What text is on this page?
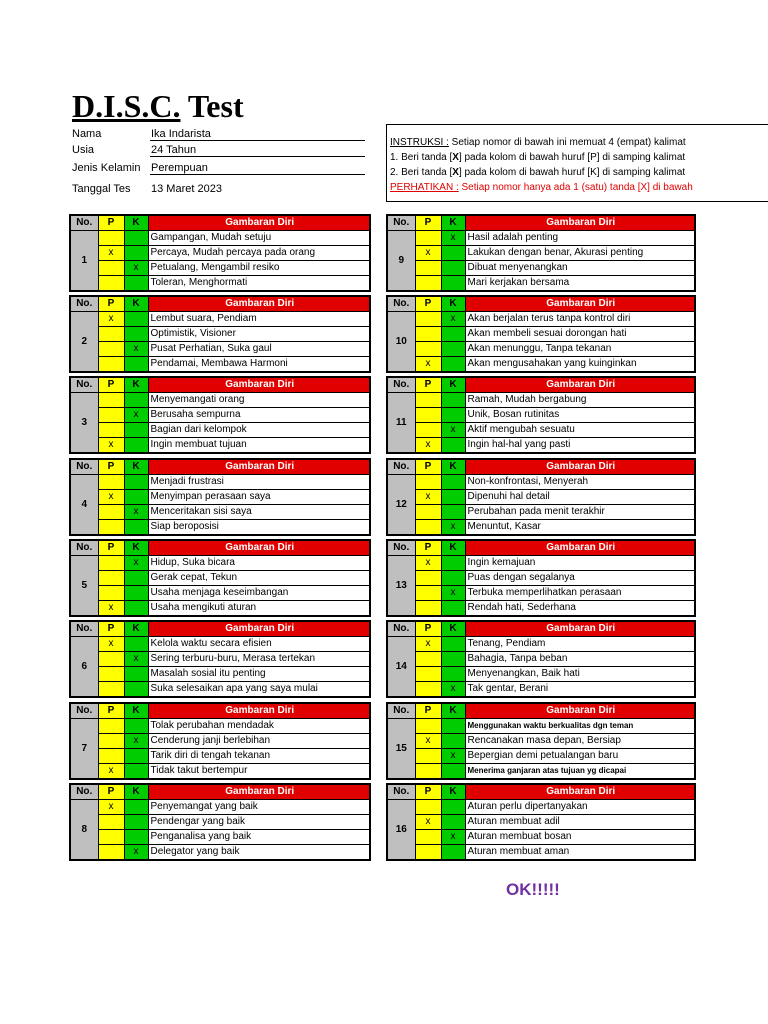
D.I.S.C. Test
Nama	Ika Indarista
Usia	24 Tahun
Jenis Kelamin Perempuan
Tanggal Tes 13 Maret 2023
INSTRUKSI : Setiap nomor di bawah ini memuat 4 (empat) kalimat
1. Beri tanda [X] pada kolom di bawah huruf [P] di samping kalimat
2. Beri tanda [X] pada kolom di bawah huruf [K] di samping kalimat
PERHATIKAN : Setiap nomor hanya ada 1 (satu) tanda [X] di bawah
No.	P	K	Gambaran Diri
1			Gampangan, Mudah setuju
	x		Percaya, Mudah percaya pada orang
		x	Petualang, Mengambil resiko
			Toleran, Menghormati
No.	P	K	Gambaran Diri
2	x		Lembut suara, Pendiam
			Optimistik, Visioner
		x	Pusat Perhatian, Suka gaul
			Pendamai, Membawa Harmoni
No.	P	K	Gambaran Diri
3			Menyemangati orang
		x	Berusaha sempurna
			Bagian dari kelompok
	x		Ingin membuat tujuan
No.	P	K	Gambaran Diri
4			Menjadi frustrasi
	x		Menyimpan perasaan saya
		x	Menceritakan sisi saya
			Siap beroposisi
No.	P	K	Gambaran Diri
5		x	Hidup, Suka bicara
			Gerak cepat, Tekun
			Usaha menjaga keseimbangan
	x		Usaha mengikuti aturan
No.	P	K	Gambaran Diri
6	x		Kelola waktu secara efisien
		x	Sering terburu-buru, Merasa tertekan
			Masalah sosial itu penting
			Suka selesaikan apa yang saya mulai
No.	P	K	Gambaran Diri
7			Tolak perubahan mendadak
		x	Cenderung janji berlebihan
			Tarik diri di tengah tekanan
	x		Tidak takut bertempur
No.	P	K	Gambaran Diri
8	x		Penyemangat yang baik
			Pendengar yang baik
			Penganalisa yang baik
		x	Delegator yang baik
No.	P	K	Gambaran Diri
9		x	Hasil adalah penting
	x		Lakukan dengan benar, Akurasi penting
			Dibuat menyenangkan
			Mari kerjakan bersama
No.	P	K	Gambaran Diri
10		x	Akan berjalan terus tanpa kontrol diri
			Akan membeli sesuai dorongan hati
			Akan menunggu, Tanpa tekanan
	x		Akan mengusahakan yang kuinginkan
No.	P	K	Gambaran Diri
11			Ramah, Mudah bergabung
			Unik, Bosan rutinitas
		x	Aktif mengubah sesuatu
	x		Ingin hal-hal yang pasti
No.	P	K	Gambaran Diri
12			Non-konfrontasi, Menyerah
	x		Dipenuhi hal detail
			Perubahan pada menit terakhir
		x	Menuntut, Kasar
No.	P	K	Gambaran Diri
13	x		Ingin kemajuan
			Puas dengan segalanya
		x	Terbuka memperlihatkan perasaan
			Rendah hati, Sederhana
No.	P	K	Gambaran Diri
14	x		Tenang, Pendiam
			Bahagia, Tanpa beban
			Menyenangkan, Baik hati
		x	Tak gentar, Berani
No.	P	K	Gambaran Diri
15			Menggunakan waktu berkualitas dgn teman
	x		Rencanakan masa depan, Bersiap
		x	Bepergian demi petualangan baru
			Menerima ganjaran atas tujuan yg dicapai
No.	P	K	Gambaran Diri
16			Aturan perlu dipertanyakan
	x		Aturan membuat adil
		x	Aturan membuat bosan
			Aturan membuat aman
OK!!!!!
